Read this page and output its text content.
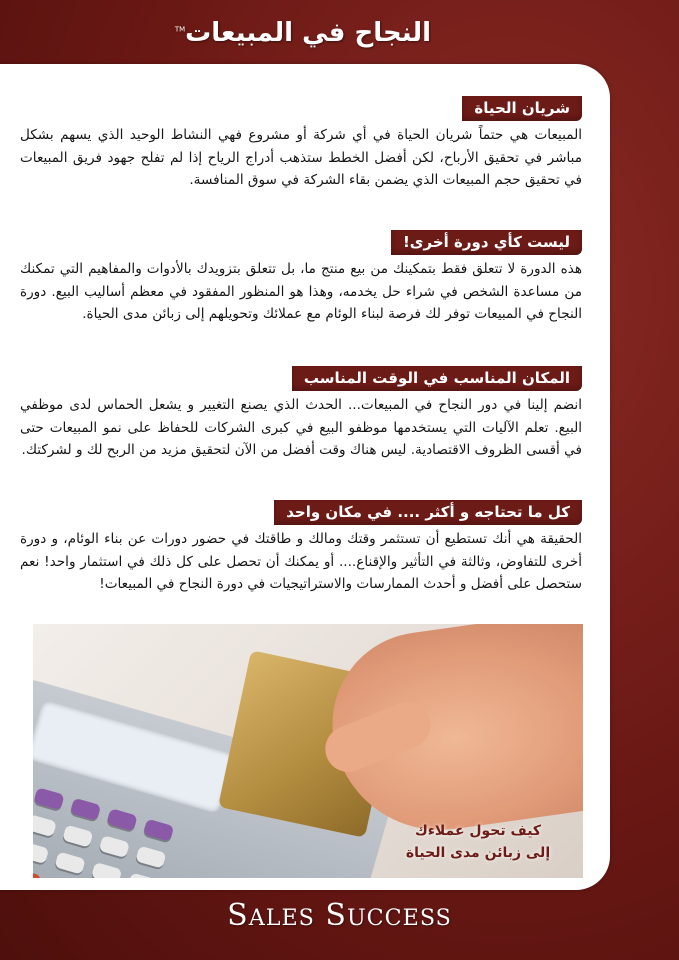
النجاح في المبيعات™
شريان الحياة
المبيعات هي حتماً شريان الحياة في أي شركة أو مشروع فهي النشاط الوحيد الذي يسهم بشكل مباشر في تحقيق الأرباح، لكن أفضل الخطط ستذهب أدراج الرياح إذا لم تفلح جهود فريق المبيعات في تحقيق حجم المبيعات الذي يضمن بقاء الشركة في سوق المنافسة.
ليست كأي دورة أخرى!
هذه الدورة لا تتعلق فقط بتمكينك من بيع منتج ما، بل تتعلق بتزويدك بالأدوات والمفاهيم التي تمكنك من مساعدة الشخص في شراء حل يخدمه، وهذا هو المنظور المفقود في معظم أساليب البيع. دورة النجاح في المبيعات توفر لك فرصة لبناء الوئام مع عملائك وتحويلهم إلى زبائن مدى الحياة.
المكان المناسب في الوقت المناسب
انضم إلينا في دور النجاح في المبيعات... الحدث الذي يصنع التغيير و يشعل الحماس لدى موظفي البيع. تعلم الآليات التي يستخدمها موظفو البيع في كبرى الشركات للحفاظ على نمو المبيعات حتى في أقسى الظروف الاقتصادية. ليس هناك وقت أفضل من الآن لتحقيق مزيد من الربح لك و لشركتك.
كل ما تحتاجه و أكثر .... في مكان واحد
الحقيقة هي أنك تستطيع أن تستثمر وقتك ومالك و طاقتك في حضور دورات عن بناء الوئام، و دورة أخرى للتفاوض، وثالثة في التأثير والإقناع.... أو يمكنك أن تحصل على كل ذلك في استثمار واحد! نعم ستحصل على أفضل و أحدث الممارسات والاستراتيجيات في دورة النجاح في المبيعات!

كيف تحول عملاءك
إلى زبائن مدى الحياة
SALES SUCCESS
